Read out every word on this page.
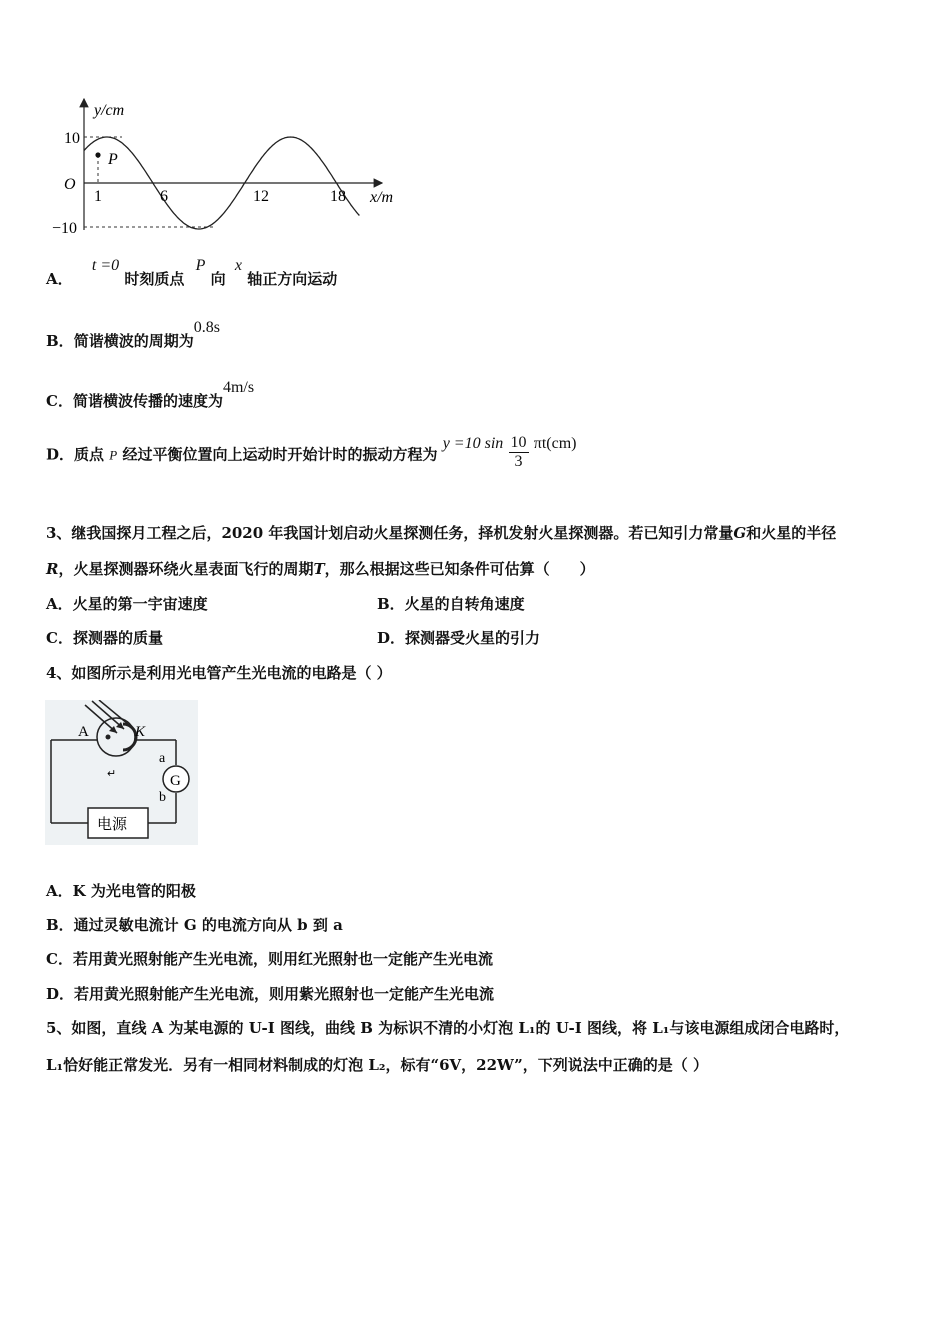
y/cm
x/m
O
P
10
−10
1	6	12	18
A． t =0 时刻质点 P 向 x 轴正方向运动
B．简谐横波的周期为0.8s
C．简谐横波传播的速度为4m/s
D．质点 P 经过平衡位置向上运动时开始计时的振动方程为 y =10 $\sin \frac{10}{3} \pi t(cm)$
3、继我国探月工程之后，2020 年我国计划启动火星探测任务，择机发射火星探测器。若已知引力常量G和火星的半径
R，火星探测器环绕火星表面飞行的周期T，那么根据这些已知条件可估算（　　）
A．火星的第一宇宙速度	B．火星的自转角速度
C．探测器的质量	D．探测器受火星的引力
4、如图所示是利用光电管产生光电流的电路是（ ）
G
a
b
A	K
↵
电源
A．K 为光电管的阳极
B．通过灵敏电流计 G 的电流方向从 b 到 a
C．若用黄光照射能产生光电流，则用红光照射也一定能产生光电流
D．若用黄光照射能产生光电流，则用紫光照射也一定能产生光电流
5、如图，直线 A 为某电源的 U-I 图线，曲线 B 为标识不清的小灯泡 L₁的 U-I 图线，将 L₁与该电源组成闭合电路时，
L₁恰好能正常发光．另有一相同材料制成的灯泡 L₂，标有“6V，22W”，下列说法中正确的是（ ）
